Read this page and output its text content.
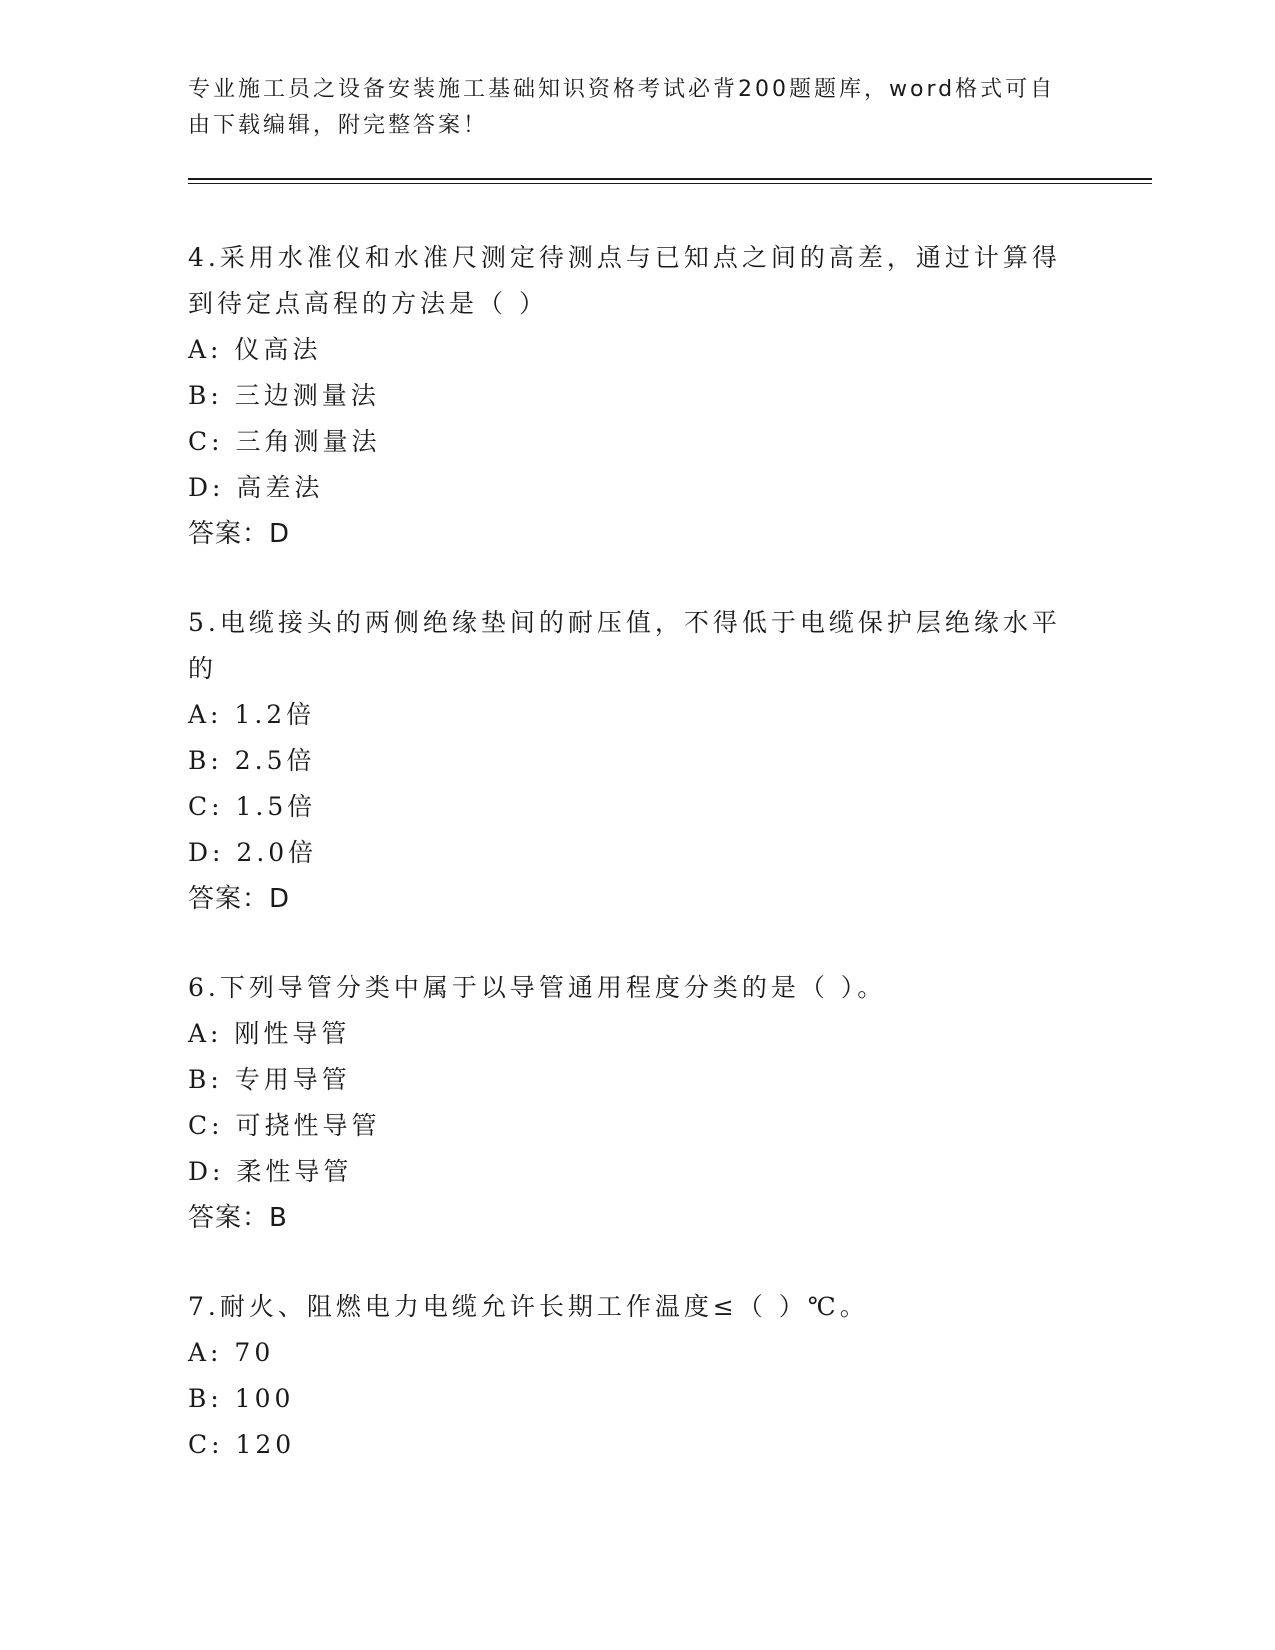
专业施工员之设备安装施工基础知识资格考试必背200题题库，word格式可自由下载编辑，附完整答案！

4.采用水准仪和水准尺测定待测点与已知点之间的高差，通过计算得到待定点高程的方法是（ ）

A: 仪高法
B: 三边测量法
C: 三角测量法
D: 高差法
答案：D

5.电缆接头的两侧绝缘垫间的耐压值，不得低于电缆保护层绝缘水平的

A: 1.2倍
B: 2.5倍
C: 1.5倍
D: 2.0倍
答案：D

6.下列导管分类中属于以导管通用程度分类的是（ ）。

A: 刚性导管
B: 专用导管
C: 可挠性导管
D: 柔性导管
答案：B

7.耐火、阻燃电力电缆允许长期工作温度≤（ ）℃。

A: 70
B: 100
C: 120
